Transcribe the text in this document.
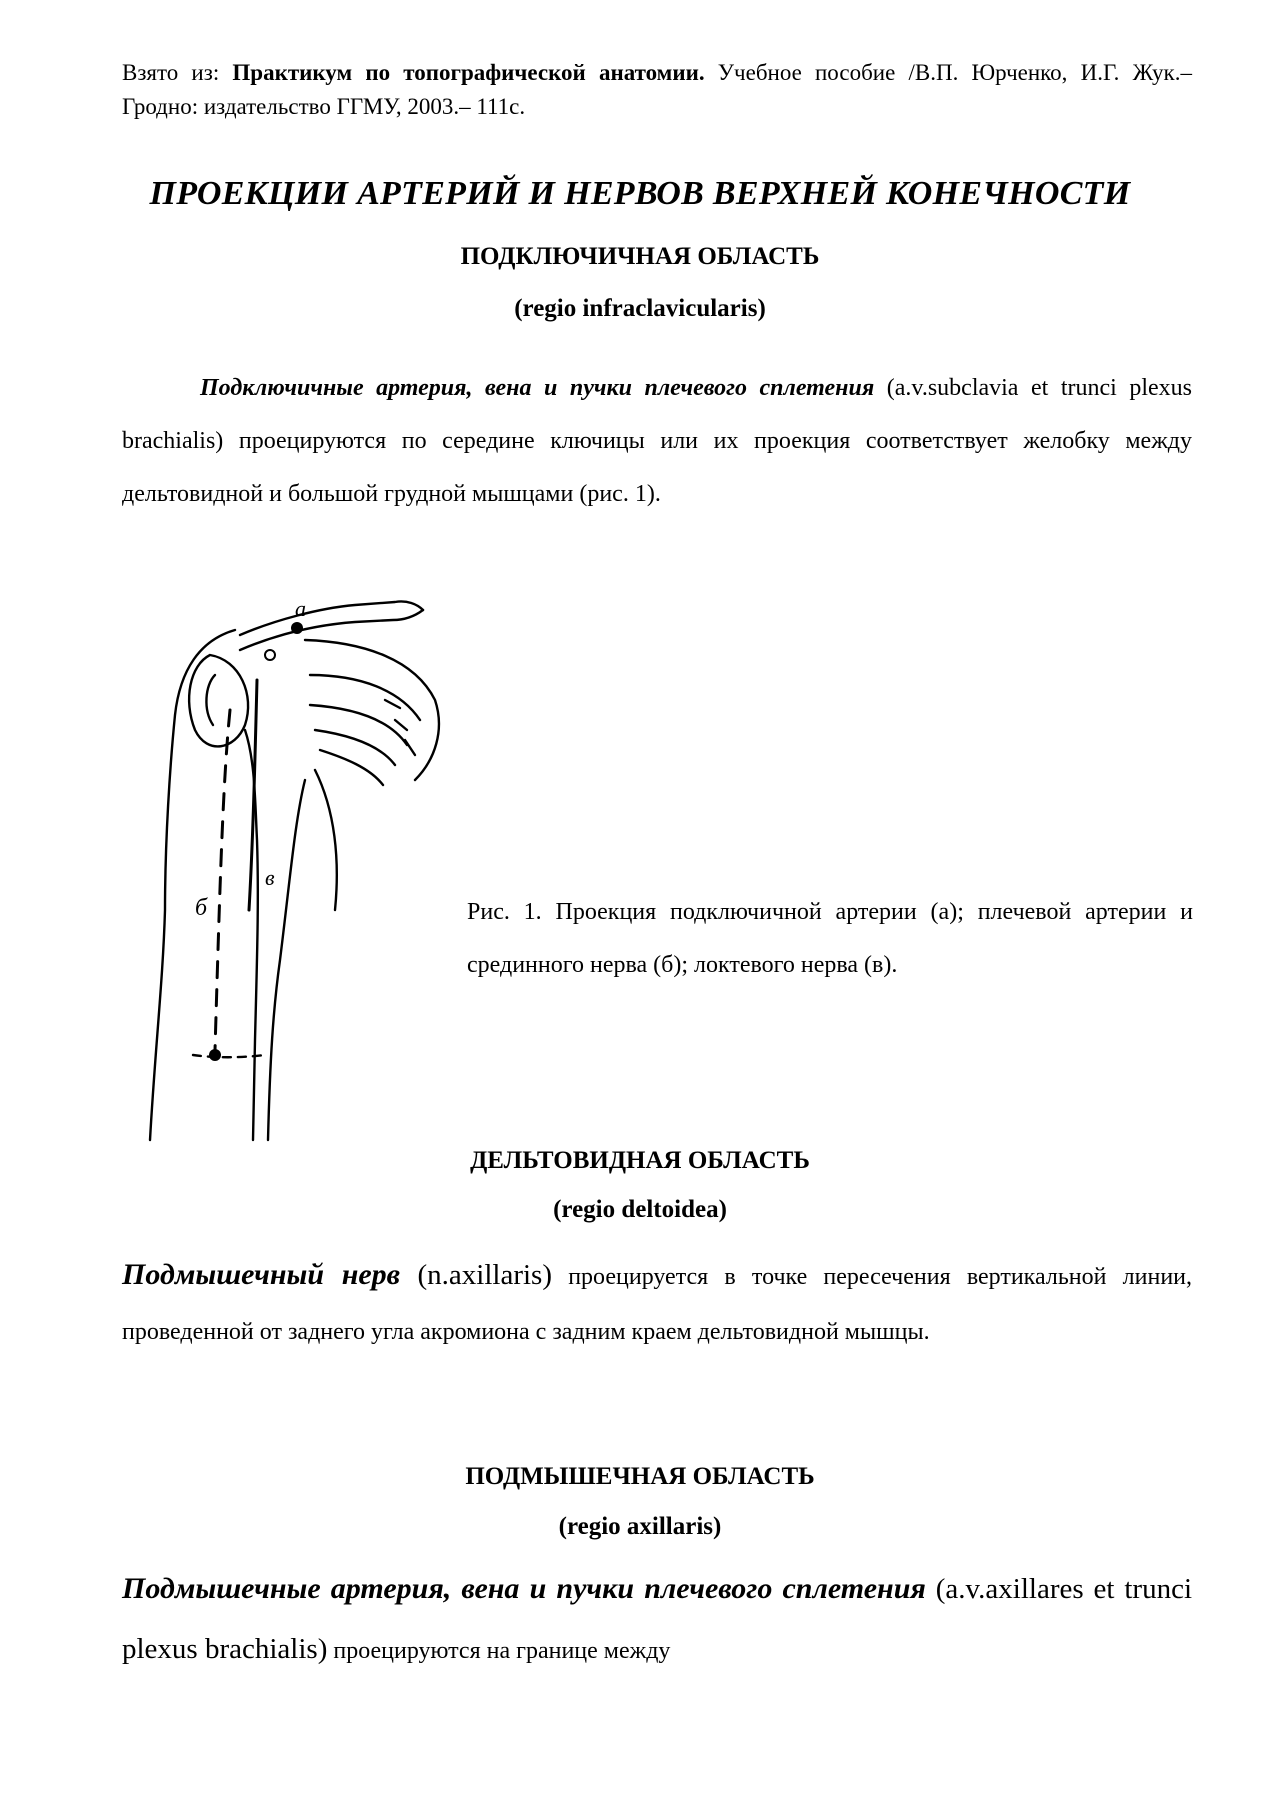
Взято из: Практикум по топографической анатомии. Учебное пособие /В.П. Юрченко, И.Г. Жук.– Гродно: издательство ГГМУ, 2003.– 111с.
ПРОЕКЦИИ АРТЕРИЙ И НЕРВОВ ВЕРХНЕЙ КОНЕЧНОСТИ
ПОДКЛЮЧИЧНАЯ ОБЛАСТЬ
(regio infraclavicularis)
Подключичные артерия, вена и пучки плечевого сплетения (a.v.subclavia et trunci plexus brachialis) проецируются по середине ключицы или их проекция соответствует желобку между дельтовидной и большой грудной мышцами (рис. 1).
а
б
в
Рис. 1. Проекция подключичной артерии (а); плечевой артерии и срединного нерва (б); локтевого нерва (в).
ДЕЛЬТОВИДНАЯ ОБЛАСТЬ
(regio deltoidea)
Подмышечный нерв (n.axillaris) проецируется в точке пересечения вертикальной линии, проведенной от заднего угла акромиона с задним краем дельтовидной мышцы.
ПОДМЫШЕЧНАЯ ОБЛАСТЬ
(regio axillaris)
Подмышечные артерия, вена и пучки плечевого сплетения (a.v.axillares et trunci plexus brachialis) проецируются на границе между
